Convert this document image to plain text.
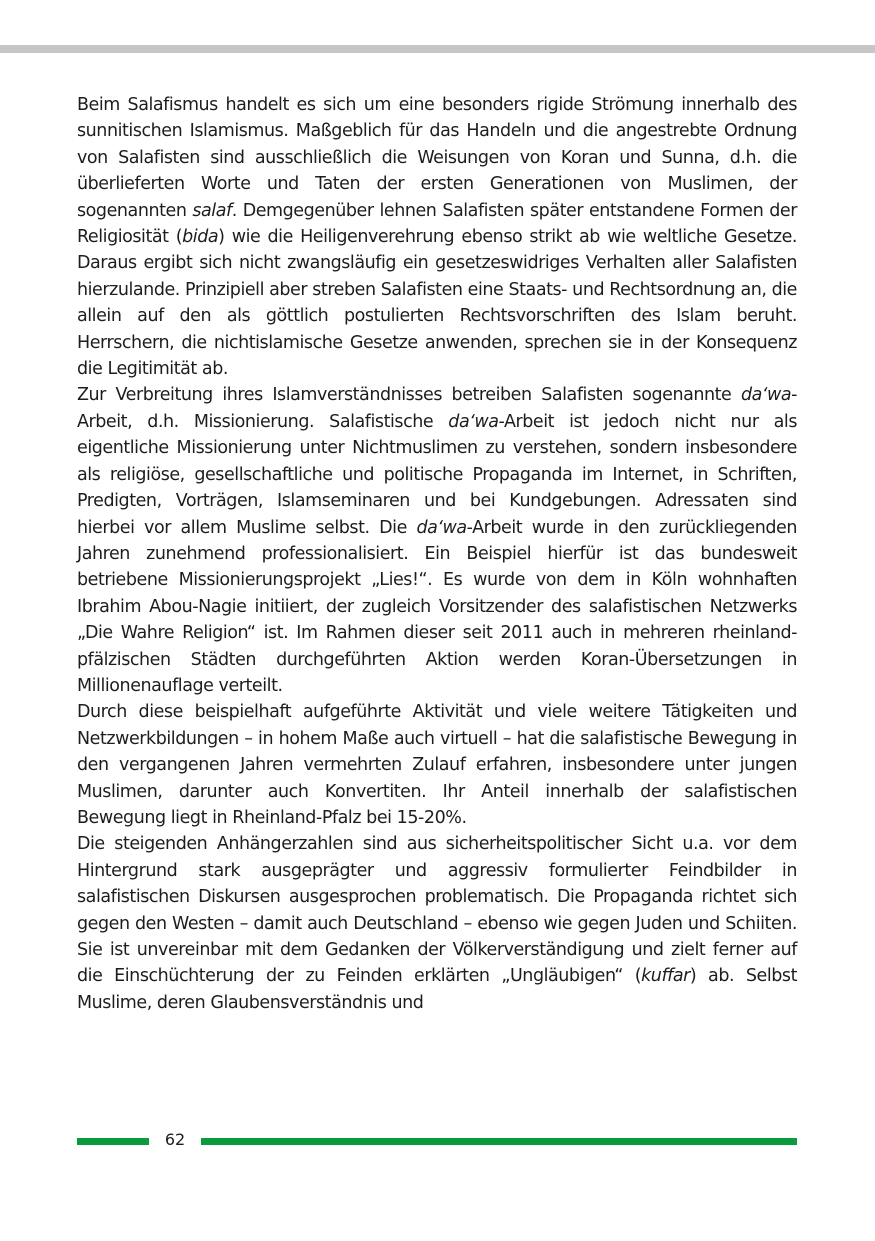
Beim Salafismus handelt es sich um eine besonders rigide Strömung innerhalb des sunnitischen Islamismus. Maßgeblich für das Handeln und die angestrebte Ordnung von Salafisten sind ausschließlich die Weisungen von Koran und Sunna, d.h. die überlieferten Worte und Taten der ersten Generationen von Muslimen, der sogenannten salaf. Demgegenüber lehnen Salafisten später entstandene Formen der Religiosität (bida) wie die Heiligenverehrung ebenso strikt ab wie weltliche Gesetze. Daraus ergibt sich nicht zwangsläufig ein gesetzeswidriges Verhalten aller Salafisten hierzulande. Prinzipiell aber streben Salafisten eine Staats- und Rechtsordnung an, die allein auf den als göttlich postulierten Rechtsvorschriften des Islam beruht. Herrschern, die nichtislamische Gesetze anwenden, sprechen sie in der Konsequenz die Legitimität ab.

Zur Verbreitung ihres Islamverständnisses betreiben Salafisten sogenannte da‘wa-Arbeit, d.h. Missionierung. Salafistische da‘wa-Arbeit ist jedoch nicht nur als eigentliche Missionierung unter Nichtmuslimen zu verstehen, sondern insbesondere als religiöse, gesellschaftliche und politische Propaganda im Internet, in Schriften, Predigten, Vorträgen, Islamseminaren und bei Kundgebungen. Adressaten sind hierbei vor allem Muslime selbst. Die da‘wa-Arbeit wurde in den zurückliegenden Jahren zunehmend professionalisiert. Ein Beispiel hierfür ist das bundesweit betriebene Missionierungsprojekt „Lies!“. Es wurde von dem in Köln wohnhaften Ibrahim Abou-Nagie initiiert, der zugleich Vorsitzender des salafistischen Netzwerks „Die Wahre Religion“ ist. Im Rahmen dieser seit 2011 auch in mehreren rheinland-pfälzischen Städten durchgeführten Aktion werden Koran-Übersetzungen in Millionenauflage verteilt.

Durch diese beispielhaft aufgeführte Aktivität und viele weitere Tätigkeiten und Netzwerkbildungen – in hohem Maße auch virtuell – hat die salafistische Bewegung in den vergangenen Jahren vermehrten Zulauf erfahren, insbesondere unter jungen Muslimen, darunter auch Konvertiten. Ihr Anteil innerhalb der salafistischen Bewegung liegt in Rheinland-Pfalz bei 15-20%.

Die steigenden Anhängerzahlen sind aus sicherheitspolitischer Sicht u.a. vor dem Hintergrund stark ausgeprägter und aggressiv formulierter Feindbilder in salafistischen Diskursen ausgesprochen problematisch. Die Propaganda richtet sich gegen den Westen – damit auch Deutschland – ebenso wie gegen Juden und Schiiten. Sie ist unvereinbar mit dem Gedanken der Völkerverständigung und zielt ferner auf die Einschüchterung der zu Feinden erklärten „Ungläubigen“ (kuffar) ab. Selbst Muslime, deren Glaubensverständnis und

62
